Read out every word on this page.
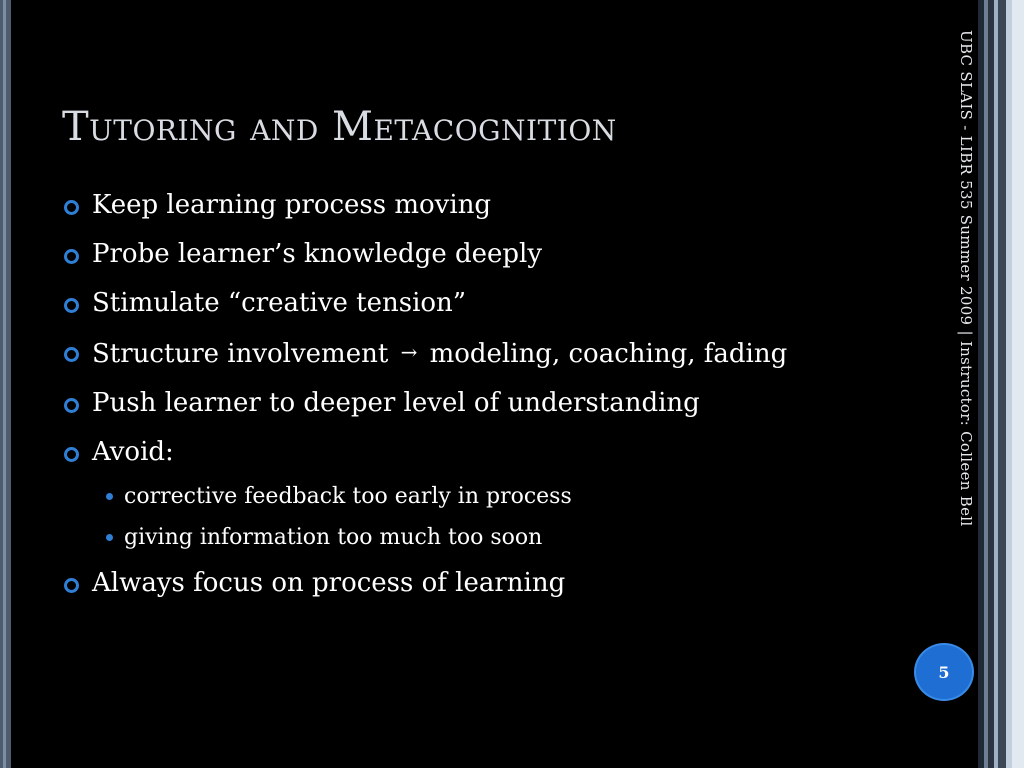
Tutoring and Metacognition
Keep learning process moving
Probe learner’s knowledge deeply
Stimulate “creative tension”
Structure involvement → modeling, coaching, fading
Push learner to deeper level of understanding
Avoid:
corrective feedback too early in process
giving information too much too soon
Always focus on process of learning
UBC SLAIS - LIBR 535 Summer 2009 | Instructor: Colleen Bell
5
